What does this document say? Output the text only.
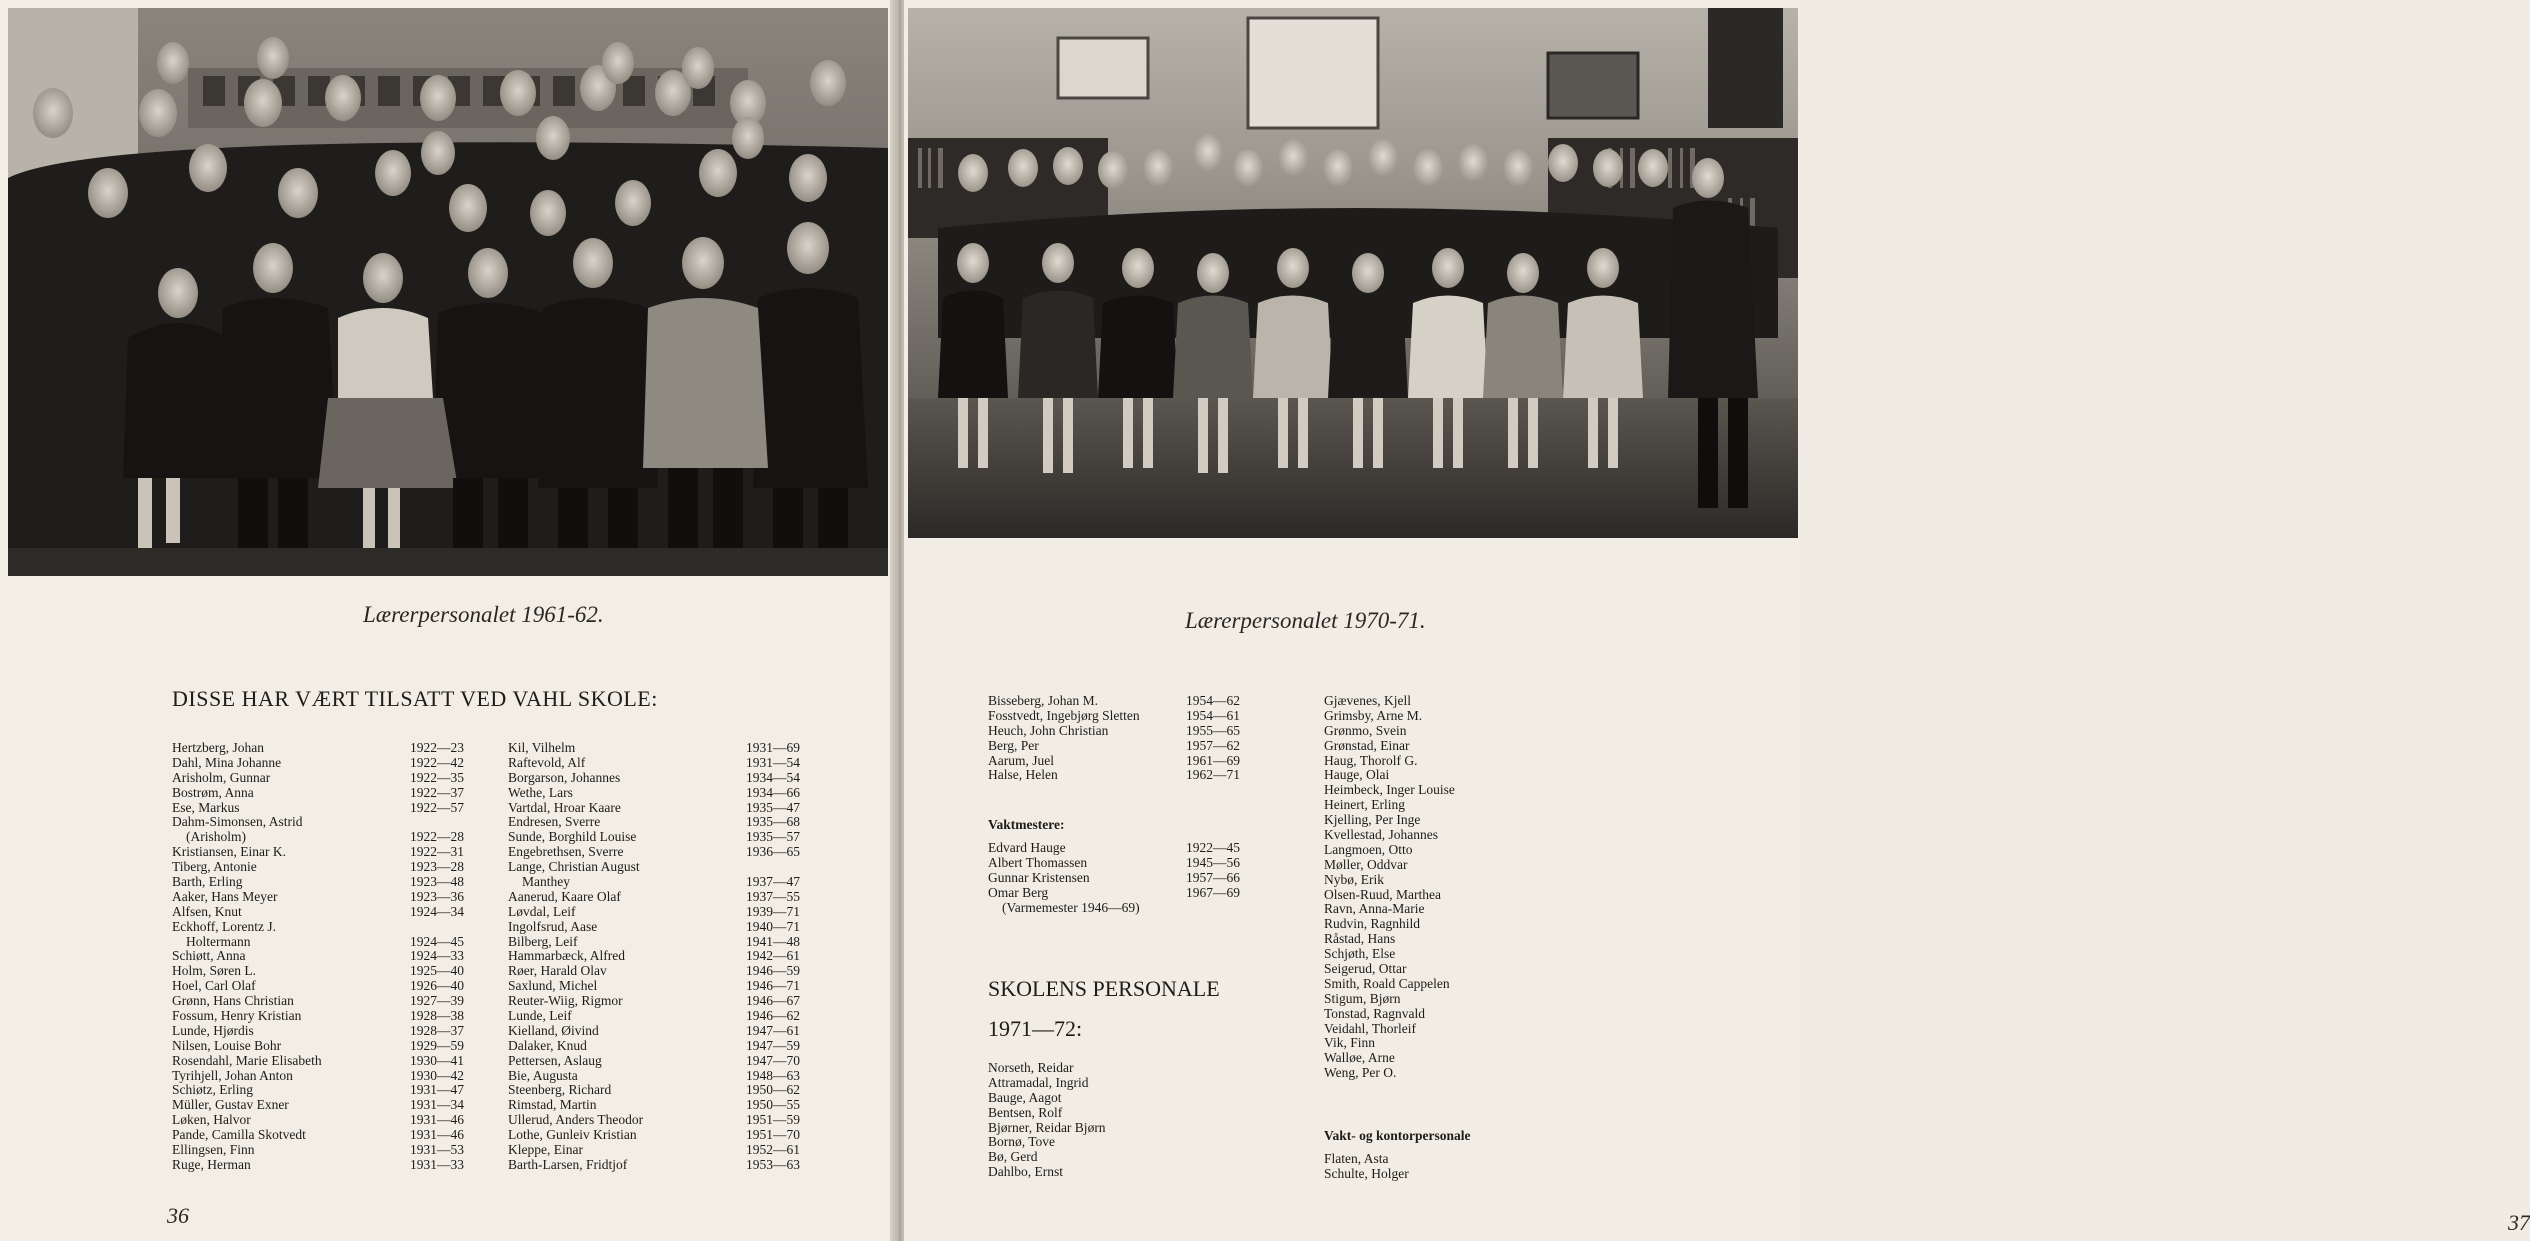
Lærerpersonalet 1961-62.
DISSE HAR VÆRT TILSATT VED VAHL SKOLE:
Hertzberg, Johan	1922—23
Dahl, Mina Johanne	1922—42
Arisholm, Gunnar	1922—35
Bostrøm, Anna	1922—37
Ese, Markus	1922—57
Dahm-Simonsen, Astrid
(Arisholm)	1922—28
Kristiansen, Einar K.	1922—31
Tiberg, Antonie	1923—28
Barth, Erling	1923—48
Aaker, Hans Meyer	1923—36
Alfsen, Knut	1924—34
Eckhoff, Lorentz J.
Holtermann	1924—45
Schiøtt, Anna	1924—33
Holm, Søren L.	1925—40
Hoel, Carl Olaf	1926—40
Grønn, Hans Christian	1927—39
Fossum, Henry Kristian	1928—38
Lunde, Hjørdis	1928—37
Nilsen, Louise Bohr	1929—59
Rosendahl, Marie Elisabeth	1930—41
Tyrihjell, Johan Anton	1930—42
Schiøtz, Erling	1931—47
Müller, Gustav Exner	1931—34
Løken, Halvor	1931—46
Pande, Camilla Skotvedt	1931—46
Ellingsen, Finn	1931—53
Ruge, Herman	1931—33
Kil, Vilhelm	1931—69
Raftevold, Alf	1931—54
Borgarson, Johannes	1934—54
Wethe, Lars	1934—66
Vartdal, Hroar Kaare	1935—47
Endresen, Sverre	1935—68
Sunde, Borghild Louise	1935—57
Engebrethsen, Sverre	1936—65
Lange, Christian August
Manthey	1937—47
Aanerud, Kaare Olaf	1937—55
Løvdal, Leif	1939—71
Ingolfsrud, Aase	1940—71
Bilberg, Leif	1941—48
Hammarbæck, Alfred	1942—61
Røer, Harald Olav	1946—59
Saxlund, Michel	1946—71
Reuter-Wiig, Rigmor	1946—67
Lunde, Leif	1946—62
Kielland, Øivind	1947—61
Dalaker, Knud	1947—59
Pettersen, Aslaug	1947—70
Bie, Augusta	1948—63
Steenberg, Richard	1950—62
Rimstad, Martin	1950—55
Ullerud, Anders Theodor	1951—59
Lothe, Gunleiv Kristian	1951—70
Kleppe, Einar	1952—61
Barth-Larsen, Fridtjof	1953—63
36
Lærerpersonalet 1970-71.
Bisseberg, Johan M.	1954—62
Fosstvedt, Ingebjørg Sletten	1954—61
Heuch, John Christian	1955—65
Berg, Per	1957—62
Aarum, Juel	1961—69
Halse, Helen	1962—71
Vaktmestere:
Edvard Hauge	1922—45
Albert Thomassen	1945—56
Gunnar Kristensen	1957—66
Omar Berg	1967—69
(Varmemester 1946—69)
SKOLENS PERSONALE
1971—72:
Norseth, Reidar
Attramadal, Ingrid
Bauge, Aagot
Bentsen, Rolf
Bjørner, Reidar Bjørn
Bornø, Tove
Bø, Gerd
Dahlbo, Ernst
Gjævenes, Kjell
Grimsby, Arne M.
Grønmo, Svein
Grønstad, Einar
Haug, Thorolf G.
Hauge, Olai
Heimbeck, Inger Louise
Heinert, Erling
Kjelling, Per Inge
Kvellestad, Johannes
Langmoen, Otto
Møller, Oddvar
Nybø, Erik
Olsen-Ruud, Marthea
Ravn, Anna-Marie
Rudvin, Ragnhild
Råstad, Hans
Schjøth, Else
Seigerud, Ottar
Smith, Roald Cappelen
Stigum, Bjørn
Tonstad, Ragnvald
Veidahl, Thorleif
Vik, Finn
Walløe, Arne
Weng, Per O.
Vakt- og kontorpersonale
Flaten, Asta
Schulte, Holger
37
